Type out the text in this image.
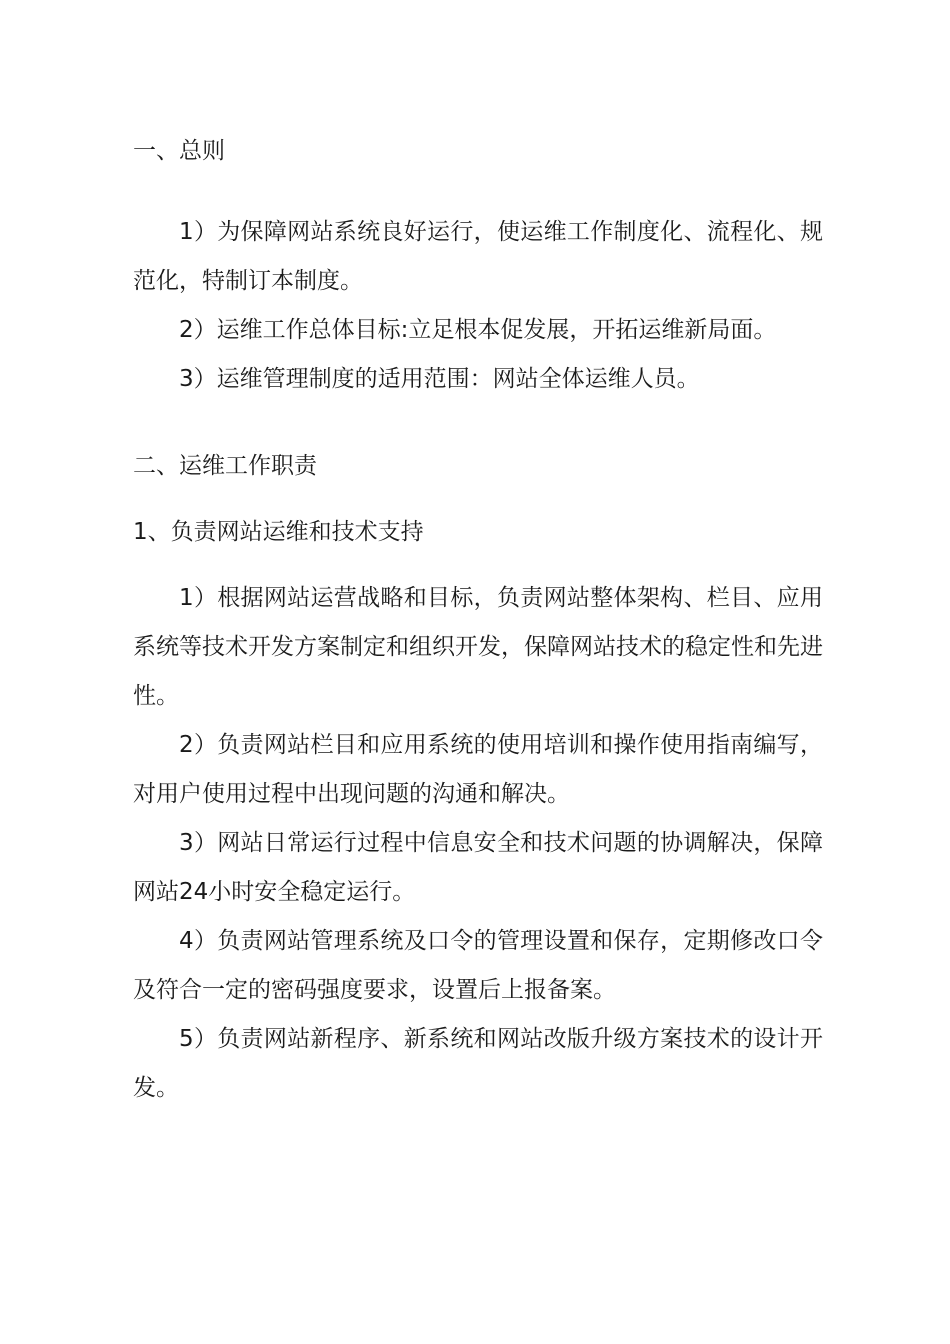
一、总则

1）为保障网站系统良好运行，使运维工作制度化、流程化、规范化，特制订本制度。

2）运维工作总体目标:立足根本促发展，开拓运维新局面。

3）运维管理制度的适用范围：网站全体运维人员。

二、运维工作职责
1、负责网站运维和技术支持

1）根据网站运营战略和目标，负责网站整体架构、栏目、应用系统等技术开发方案制定和组织开发，保障网站技术的稳定性和先进性。

2）负责网站栏目和应用系统的使用培训和操作使用指南编写，对用户使用过程中出现问题的沟通和解决。

3）网站日常运行过程中信息安全和技术问题的协调解决，保障网站24小时安全稳定运行。

4）负责网站管理系统及口令的管理设置和保存，定期修改口令及符合一定的密码强度要求，设置后上报备案。

5）负责网站新程序、新系统和网站改版升级方案技术的设计开发。
